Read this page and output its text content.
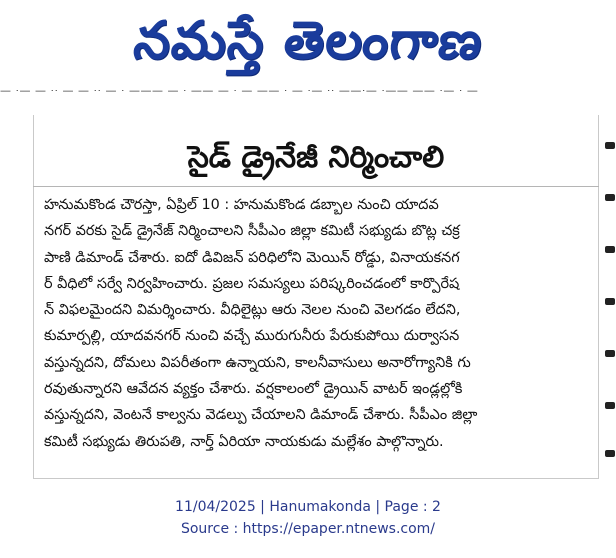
నమస్తే తెలంగాణ
— ·— — ·· — — ·· — · ——— — · —— — · — —— · — ·— ·· ——·— ·—— —— ·— · —
సైడ్ డ్రైనేజీ నిర్మించాలి
హనుమకొండ చౌరస్తా, ఏప్రిల్ 10 : హనుమకొండ డబ్బాల నుంచి యాదవ
నగర్ వరకు సైడ్ డ్రైనేజ్ నిర్మించాలని సీపీఎం జిల్లా కమిటీ సభ్యుడు బొట్ల చక్ర
పాణి డిమాండ్ చేశారు. ఐదో డివిజన్ పరిధిలోని మెయిన్ రోడ్డు, వినాయకనగ
ర్ వీధిలో సర్వే నిర్వహించారు. ప్రజల సమస్యలు పరిష్కరించడంలో కార్పొరేష
న్ విఫలమైందని విమర్శించారు. వీధిలైట్లు ఆరు నెలల నుంచి వెలగడం లేదని,
కుమార్పల్లి, యాదవనగర్ నుంచి వచ్చే మురుగునీరు పేరుకుపోయి దుర్వాసన
వస్తున్నదని, దోమలు విపరీతంగా ఉన్నాయని, కాలనీవాసులు అనారోగ్యానికి గు
రవుతున్నారని ఆవేదన వ్యక్తం చేశారు. వర్షకాలంలో డ్రైయిన్ వాటర్ ఇండ్లల్లోకి
వస్తున్నదని, వెంటనే కాల్వను వెడల్పు చేయాలని డిమాండ్ చేశారు. సీపీఎం జిల్లా
కమిటీ సభ్యుడు తిరుపతి, నార్త్ ఏరియా నాయకుడు మల్లేశం పాల్గొన్నారు.
11/04/2025 | Hanumakonda | Page : 2
Source : https://epaper.ntnews.com/
